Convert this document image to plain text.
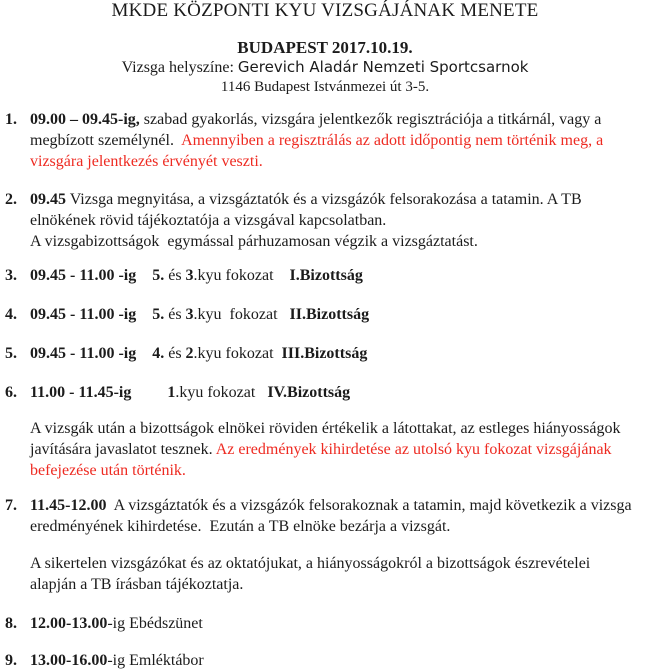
MKDE KÖZPONTI KYU VIZSGÁJÁNAK MENETE
BUDAPEST 2017.10.19.
Vizsga helyszíne: Gerevich Aladár Nemzeti Sportcsarnok
1146 Budapest Istvánmezei út 3-5.
1. 09.00 – 09.45-ig, szabad gyakorlás, vizsgára jelentkezők regisztrációja a titkárnál, vagy a megbízott személynél.  Amennyiben a regisztrálás az adott időpontig nem történik meg, a vizsgára jelentkezés érvényét veszti.
2. 09.45 Vizsga megnyitása, a vizsgáztatók és a vizsgázók felsorakozása a tatamin. A TB elnökének rövid tájékoztatója a vizsgával kapcsolatban.
A vizsgabizottságok  egymással párhuzamosan végzik a vizsgáztatást.
3. 09.45 - 11.00 -ig 5. és 3.kyu fokozat    I.Bizottság
4. 09.45 - 11.00 -ig 5. és 3.kyu  fokozat   II.Bizottság
5. 09.45 - 11.00 -ig 4. és 2.kyu fokozat  III.Bizottság
6. 11.00 - 11.45-ig 1.kyu fokozat   IV.Bizottság
A vizsgák után a bizottságok elnökei röviden értékelik a látottakat, az estleges hiányosságok javítására javaslatot tesznek. Az eredmények kihirdetése az utolsó kyu fokozat vizsgájának befejezése után történik.
7. 11.45-12.00  A vizsgáztatók és a vizsgázók felsorakoznak a tatamin, majd következik a vizsga eredményének kihirdetése.  Ezután a TB elnöke bezárja a vizsgát.
A sikertelen vizsgázókat és az oktatójukat, a hiányosságokról a bizottságok észrevételei alapján a TB írásban tájékoztatja.
8. 12.00-13.00-ig Ebédszünet
9. 13.00-16.00-ig Emléktábor
